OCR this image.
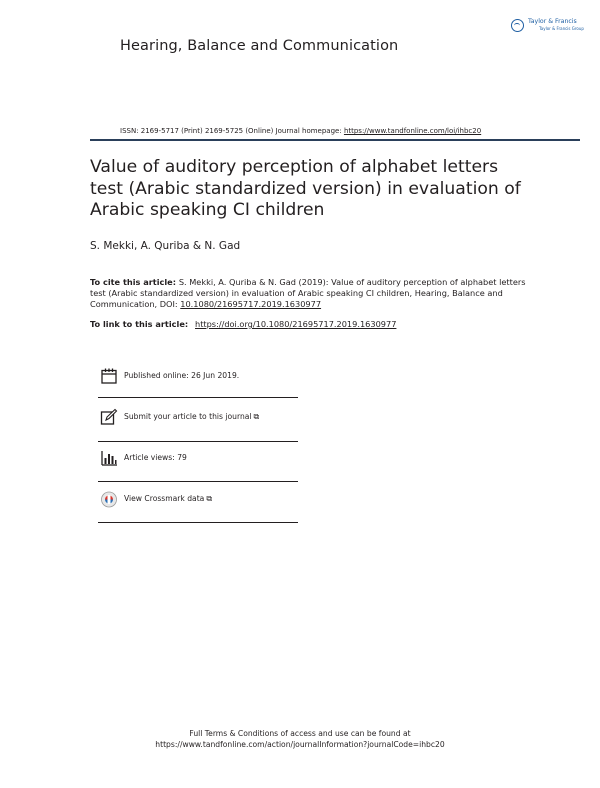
Hearing, Balance and Communication
Taylor & Francis
Taylor & Francis Group
ISSN: 2169-5717 (Print) 2169-5725 (Online) Journal homepage: https://www.tandfonline.com/loi/ihbc20
Value of auditory perception of alphabet letters test (Arabic standardized version) in evaluation of Arabic speaking CI children
S. Mekki, A. Quriba & N. Gad
To cite this article: S. Mekki, A. Quriba & N. Gad (2019): Value of auditory perception of alphabet letters test (Arabic standardized version) in evaluation of Arabic speaking CI children, Hearing, Balance and Communication, DOI: 10.1080/21695717.2019.1630977
To link to this article: https://doi.org/10.1080/21695717.2019.1630977
Published online: 26 Jun 2019.
Submit your article to this journal ⧉
Article views: 79
View Crossmark data ⧉
Full Terms & Conditions of access and use can be found at
https://www.tandfonline.com/action/journalInformation?journalCode=ihbc20
